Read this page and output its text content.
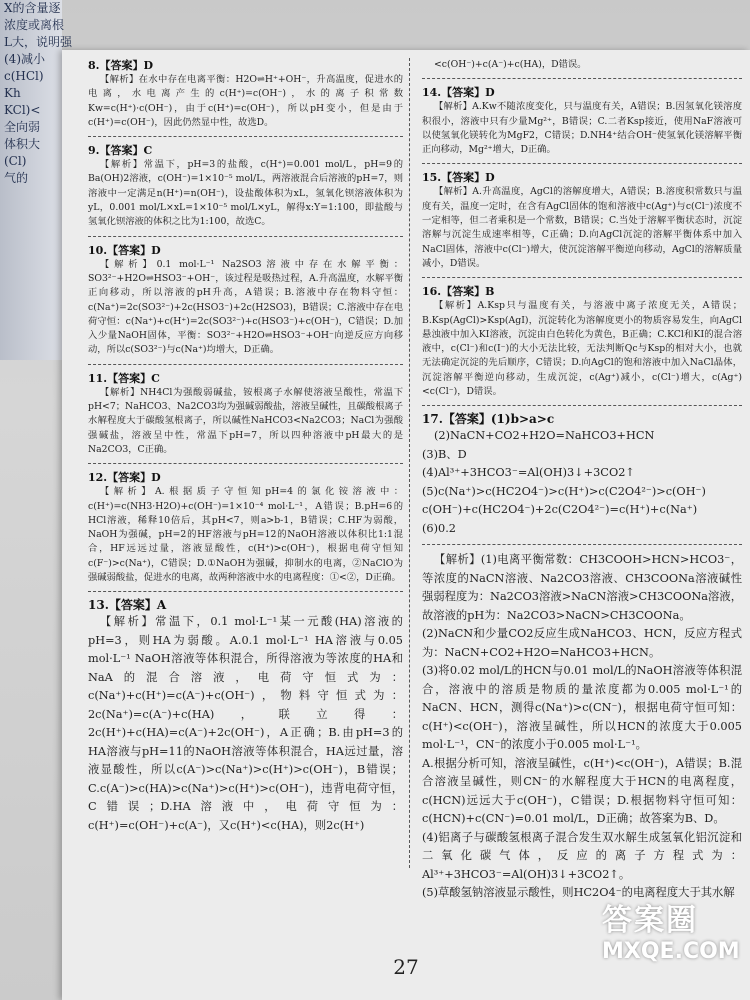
X的含量逐
浓度或离根
L大，说明强
(4)减小
c(HCl)
Kh
KCl)<
全向弱
体积大
(Cl)
气的
8.【答案】D
【解析】在水中存在电离平衡：H2O⇌H⁺+OH⁻，升高温度，促进水的电离，水电离产生的c(H⁺)=c(OH⁻)，水的离子积常数Kw=c(H⁺)·c(OH⁻)，由于c(H⁺)=c(OH⁻)，所以pH变小，但是由于c(H⁺)=c(OH⁻)，因此仍然显中性，故选D。
9.【答案】C
【解析】常温下，pH=3的盐酸，c(H⁺)=0.001 mol/L，pH=9的Ba(OH)2溶液，c(OH⁻)=1×10⁻⁵ mol/L，两溶液混合后溶液的pH=7，则溶液中一定满足n(H⁺)=n(OH⁻)，设盐酸体积为xL，氢氧化钡溶液体积为yL，0.001 mol/L×xL=1×10⁻⁵ mol/L×yL，解得x:Y=1:100，即盐酸与氢氧化钡溶液的体积之比为1:100，故选C。
10.【答案】D
【解析】0.1 mol·L⁻¹ Na2SO3溶液中存在水解平衡：SO3²⁻+H2O⇌HSO3⁻+OH⁻，该过程是吸热过程，A.升高温度，水解平衡正向移动，所以溶液的pH升高，A错误；B.溶液中存在物料守恒：c(Na⁺)=2c(SO3²⁻)+2c(HSO3⁻)+2c(H2SO3)，B错误；C.溶液中存在电荷守恒：c(Na⁺)+c(H⁺)=2c(SO3²⁻)+c(HSO3⁻)+c(OH⁻)，C错误；D.加入少量NaOH固体，平衡：SO3²⁻+H2O⇌HSO3⁻+OH⁻向逆反应方向移动，所以c(SO3²⁻)与c(Na⁺)均增大，D正确。
11.【答案】C
【解析】NH4Cl为强酸弱碱盐，铵根离子水解使溶液呈酸性，常温下pH<7；NaHCO3、Na2CO3均为强碱弱酸盐，溶液呈碱性，且碳酸根离子水解程度大于碳酸氢根离子，所以碱性NaHCO3<Na2CO3；NaCl为强酸强碱盐，溶液呈中性，常温下pH=7，所以四种溶液中pH最大的是Na2CO3，C正确。
12.【答案】D
【解析】A.根据质子守恒知pH=4的氯化铵溶液中：c(H⁺)=c(NH3·H2O)+c(OH⁻)=1×10⁻⁴ mol·L⁻¹，A错误；B.pH=6的HCl溶液，稀释10倍后，其pH<7，则a>b-1，B错误；C.HF为弱酸，NaOH为强碱，pH=2的HF溶液与pH=12的NaOH溶液以体积比1:1混合，HF远远过量，溶液显酸性，c(H⁺)>c(OH⁻)，根据电荷守恒知c(F⁻)>c(Na⁺)，C错误；D.①NaOH为强碱，抑制水的电离，②NaClO为强碱弱酸盐，促进水的电离，故两种溶液中水的电离程度：①<②，D正确。
13.【答案】A
【解析】常温下，0.1 mol·L⁻¹某一元酸(HA)溶液的pH=3，则HA为弱酸。A.0.1 mol·L⁻¹ HA溶液与0.05 mol·L⁻¹ NaOH溶液等体积混合，所得溶液为等浓度的HA和NaA的混合溶液，电荷守恒式为：c(Na⁺)+c(H⁺)=c(A⁻)+c(OH⁻)，物料守恒式为：2c(Na⁺)=c(A⁻)+c(HA)，联立得：2c(H⁺)+c(HA)=c(A⁻)+2c(OH⁻)，A正确；B.由pH=3的HA溶液与pH=11的NaOH溶液等体积混合，HA远过量，溶液显酸性，所以c(A⁻)>c(Na⁺)>c(H⁺)>c(OH⁻)，B错误；C.c(A⁻)>c(HA)>c(Na⁺)>c(H⁺)>c(OH⁻)，违背电荷守恒，C错误；D.HA溶液中，电荷守恒为：c(H⁺)=c(OH⁻)+c(A⁻)，又c(H⁺)<c(HA)，则2c(H⁺)
<c(OH⁻)+c(A⁻)+c(HA)，D错误。
14.【答案】D
【解析】A.Kw不随浓度变化，只与温度有关，A错误；B.因氢氧化镁溶度积很小，溶液中只有少量Mg²⁺，B错误；C.二者Ksp接近，使用NaF溶液可以使氢氧化镁转化为MgF2，C错误；D.NH4⁺结合OH⁻使氢氧化镁溶解平衡正向移动，Mg²⁺增大，D正确。
15.【答案】D
【解析】A.升高温度，AgCl的溶解度增大，A错误；B.溶度积常数只与温度有关，温度一定时，在含有AgCl固体的饱和溶液中c(Ag⁺)与c(Cl⁻)浓度不一定相等，但二者乘积是一个常数，B错误；C.当处于溶解平衡状态时，沉淀溶解与沉淀生成速率相等，C正确；D.向AgCl沉淀的溶解平衡体系中加入NaCl固体，溶液中c(Cl⁻)增大，使沉淀溶解平衡逆向移动，AgCl的溶解质量减小，D错误。
16.【答案】B
【解析】A.Ksp只与温度有关，与溶液中离子浓度无关，A错误；B.Ksp(AgCl)>Ksp(AgI)，沉淀转化为溶解度更小的物质容易发生，向AgCl悬浊液中加入KI溶液，沉淀由白色转化为黄色，B正确；C.KCl和KI的混合溶液中，c(Cl⁻)和c(I⁻)的大小无法比较，无法判断Qc与Ksp的相对大小，也就无法确定沉淀的先后顺序，C错误；D.向AgCl的饱和溶液中加入NaCl晶体，沉淀溶解平衡逆向移动，生成沉淀，c(Ag⁺)减小，c(Cl⁻)增大，c(Ag⁺)<c(Cl⁻)，D错误。
17.【答案】(1)b>a>c
(2)NaCN+CO2+H2O=NaHCO3+HCN
(3)B、D
(4)Al³⁺+3HCO3⁻=Al(OH)3↓+3CO2↑
(5)c(Na⁺)>c(HC2O4⁻)>c(H⁺)>c(C2O4²⁻)>c(OH⁻)
c(OH⁻)+c(HC2O4⁻)+2c(C2O4²⁻)=c(H⁺)+c(Na⁺)
(6)0.2
【解析】(1)电离平衡常数：CH3COOH>HCN>HCO3⁻，等浓度的NaCN溶液、Na2CO3溶液、CH3COONa溶液碱性强弱程度为：Na2CO3溶液>NaCN溶液>CH3COONa溶液，故溶液的pH为：Na2CO3>NaCN>CH3COONa。
(2)NaCN和少量CO2反应生成NaHCO3、HCN，反应方程式为：NaCN+CO2+H2O=NaHCO3+HCN。
(3)将0.02 mol/L的HCN与0.01 mol/L的NaOH溶液等体积混合，溶液中的溶质是物质的量浓度都为0.005 mol·L⁻¹的NaCN、HCN，测得c(Na⁺)>c(CN⁻)，根据电荷守恒可知：c(H⁺)<c(OH⁻)，溶液呈碱性，所以HCN的浓度大于0.005 mol·L⁻¹，CN⁻的浓度小于0.005 mol·L⁻¹。
A.根据分析可知，溶液呈碱性，c(H⁺)<c(OH⁻)，A错误；B.混合溶液呈碱性，则CN⁻的水解程度大于HCN的电离程度，c(HCN)远远大于c(OH⁻)，C错误；D.根据物料守恒可知：c(HCN)+c(CN⁻)=0.01 mol/L，D正确；故答案为B、D。
(4)铝离子与碳酸氢根离子混合发生双水解生成氢氧化铝沉淀和二氧化碳气体，反应的离子方程式为：Al³⁺+3HCO3⁻=Al(OH)3↓+3CO2↑。
(5)草酸氢钠溶液显示酸性，则HC2O4⁻的电离程度大于其水解
27
答案圈
MXQE.COM
